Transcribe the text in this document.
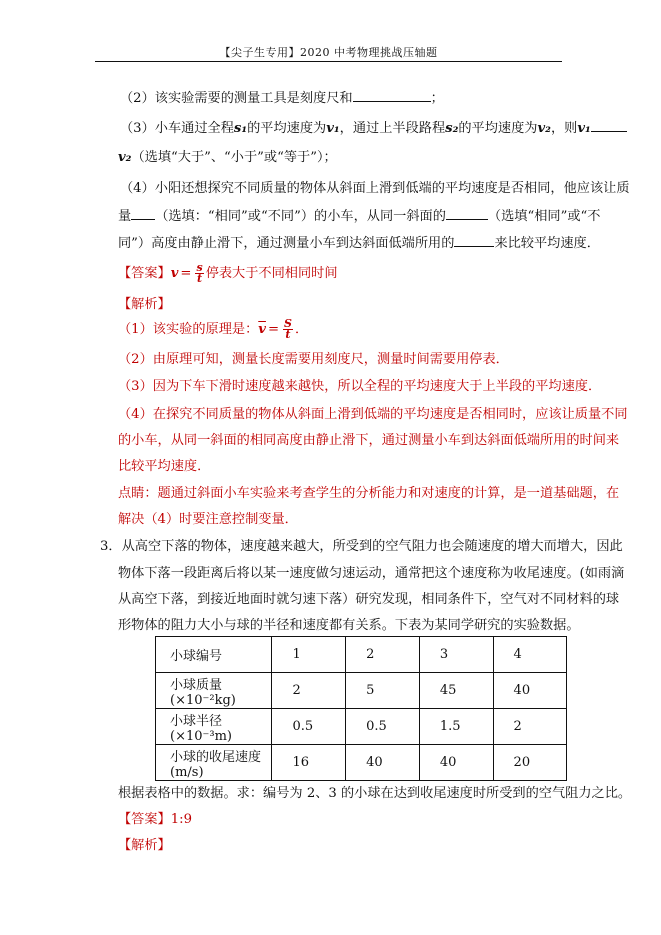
【尖子生专用】2020 中考物理挑战压轴题
（2）该实验需要的测量工具是刻度尺和	；
（3）小车通过全程s₁的平均速度为v₁，通过上半段路程s₂的平均速度为v₂，则v₁
v₂（选填“大于”、“小于”或“等于”）；
（4）小阳还想探究不同质量的物体从斜面上滑到低端的平均速度是否相同，他应该让质
量 （选填：“相同”或“不同”）的小车，从同一斜面的	（选填“相同”或“不
同”）高度由静止滑下，通过测量小车到达斜面低端所用的	来比较平均速度．
【答案】$v = \frac{s}{t}$ 停表大于不同相同时间
【解析】
（1）该实验的原理是：$\overline{v} = \frac{S}{t}$ ．
（2）由原理可知，测量长度需要用刻度尺，测量时间需要用停表．
（3）因为下车下滑时速度越来越快，所以全程的平均速度大于上半段的平均速度．
（4）在探究不同质量的物体从斜面上滑到低端的平均速度是否相同时，应该让质量不同
的小车，从同一斜面的相同高度由静止滑下，通过测量小车到达斜面低端所用的时间来
比较平均速度．
点睛：题通过斜面小车实验来考查学生的分析能力和对速度的计算，是一道基础题，在
解决（4）时要注意控制变量．
3．从高空下落的物体，速度越来越大，所受到的空气阻力也会随速度的增大而增大，因此
物体下落一段距离后将以某一速度做匀速运动，通常把这个速度称为收尾速度。(如雨滴
从高空下落，到接近地面时就匀速下落）研究发现，相同条件下，空气对不同材料的球
形物体的阻力大小与球的半径和速度都有关系。下表为某同学研究的实验数据。
小球编号	1	2	3	4
小球质量(×10⁻²kg)	2	5	45	40
小球半径(×10⁻³m)	0.5	0.5	1.5	2
小球的收尾速度(m/s)	16	40	40	20
根据表格中的数据。求：编号为 2、3 的小球在达到收尾速度时所受到的空气阻力之比。
【答案】1:9
【解析】
